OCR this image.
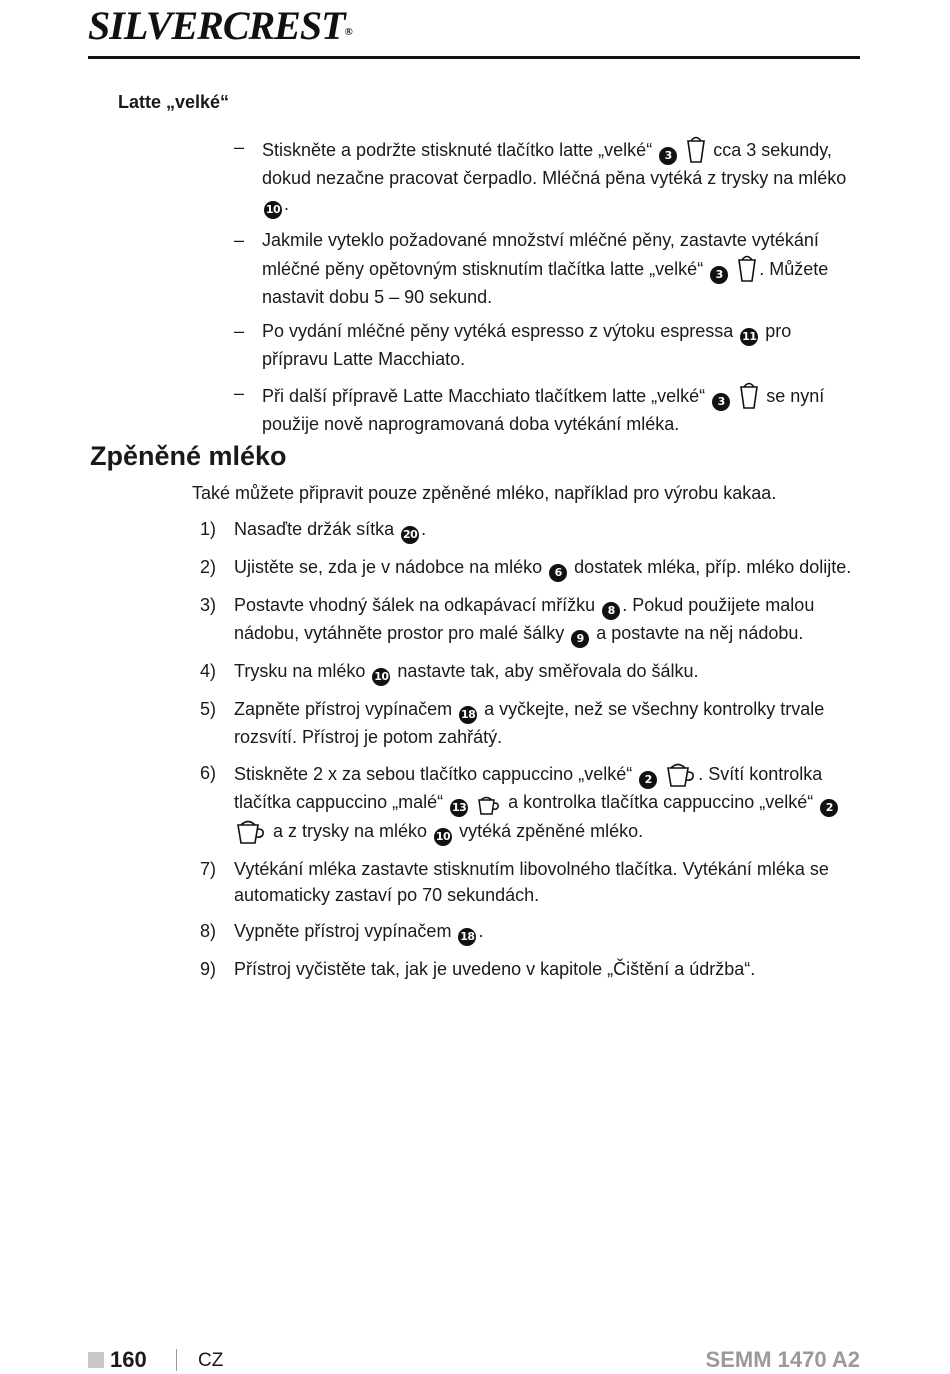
SILVERCREST®
Latte „velké“
– Stiskněte a podržte stisknuté tlačítko latte „velké“ 3  cca 3 sekundy, dokud nezačne pracovat čerpadlo. Mléčná pěna vytéká z trysky na mléko 10 .
– Jakmile vyteklo požadované množství mléčné pěny, zastavte vytékání mléčné pěny opětovným stisknutím tlačítka latte „velké“ 3 . Můžete nastavit dobu 5 – 90 sekund.
– Po vydání mléčné pěny vytéká espresso z výtoku espressa 11 pro přípravu Latte Macchiato.
– Při další přípravě Latte Macchiato tlačítkem latte „velké“ 3  se nyní použije nově naprogramovaná doba vytékání mléka.
Zpěněné mléko
Také můžete připravit pouze zpěněné mléko, například pro výrobu kakaa.
1) Nasaďte držák sítka 20 .
2) Ujistěte se, zda je v nádobce na mléko 6 dostatek mléka, příp. mléko dolijte.
3) Postavte vhodný šálek na odkapávací mřížku 8 . Pokud použijete malou nádobu, vytáhněte prostor pro malé šálky 9 a postavte na něj nádobu.
4) Trysku na mléko 10 nastavte tak, aby směřovala do šálku.
5) Zapněte přístroj vypínačem 18 a vyčkejte, než se všechny kontrolky trvale rozsvítí. Přístroj je potom zahřátý.
6) Stiskněte 2 x za sebou tlačítko cappuccino „velké“ 2	. Svítí kontrolka tlačítka cappuccino „malé“ 13  a kontrolka tlačítka cappuccino „velké“ 2  a z trysky na mléko 10 vytéká zpěněné mléko.
7) Vytékání mléka zastavte stisknutím libovolného tlačítka. Vytékání mléka se automaticky zastaví po 70 sekundách.
8) Vypněte přístroj vypínačem 18 .
9) Přístroj vyčistěte tak, jak je uvedeno v kapitole „Čištění a údržba“.
160	CZ	SEMM 1470 A2
